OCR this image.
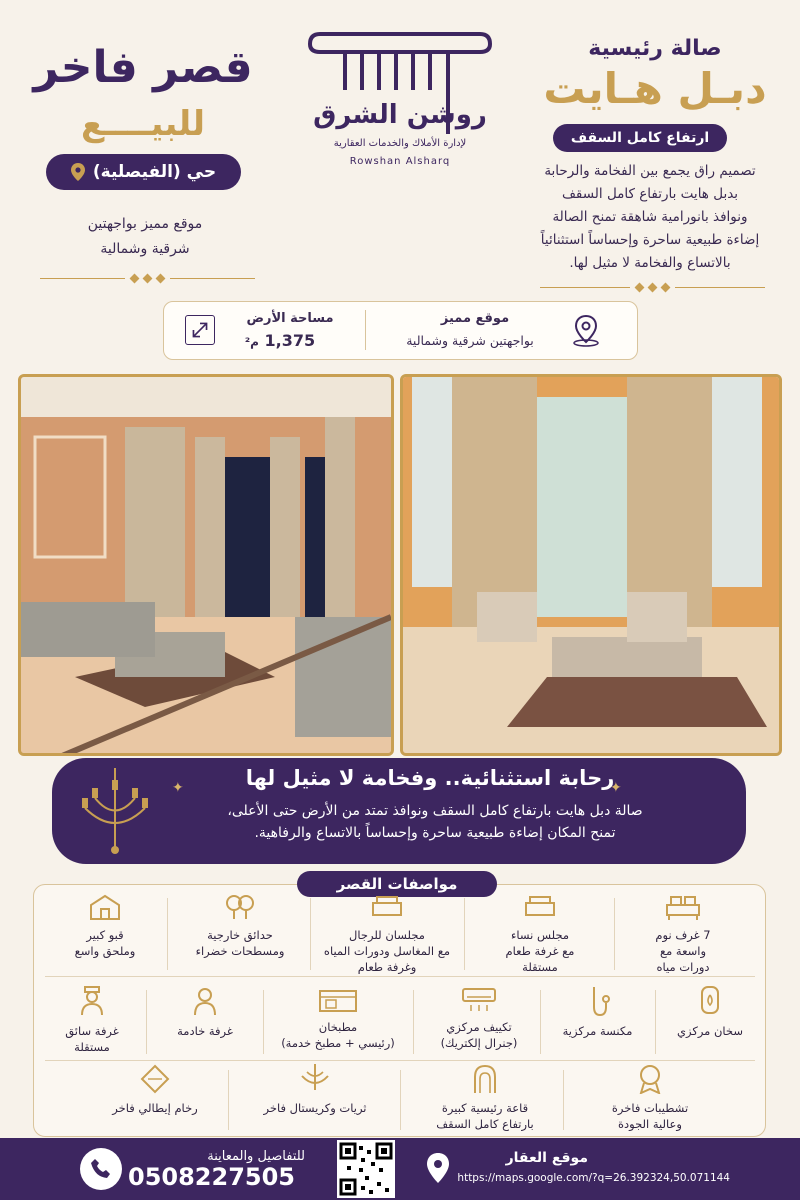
قصر فاخر
للبيــــع
حي (الفيصلية)
موقع مميز بواجهتين
شرقية وشمالية
روشن الشرق
لإدارة الأملاك والخدمات العقارية
Rowshan Alsharq
صالة رئيسية
دبـل هـايت
ارتفاع كامل السقف
تصميم راق يجمع بين الفخامة والرحابة
بدبل هايت بارتفاع كامل السقف
ونوافذ بانورامية شاهقة تمنح الصالة
إضاءة طبيعية ساحرة وإحساساً استثنائياً
بالاتساع والفخامة لا مثيل لها.
موقع مميز
بواجهتين شرقية وشمالية
مساحة الأرض
1,375 م²
✦	✦
رحابة استثنائية.. وفخامة لا مثيل لها
صالة دبل هايت بارتفاع كامل السقف ونوافذ تمتد من الأرض حتى الأعلى،
تمنح المكان إضاءة طبيعية ساحرة وإحساساً بالاتساع والرفاهية.
مواصفات القصر
7 غرف نوم
واسعة مع
دورات مياه
مجلس نساء
مع غرفة طعام
مستقلة
مجلسان للرجال
مع المغاسل ودورات المياه
وغرفة طعام
حدائق خارجية
ومسطحات خضراء
قبو كبير
وملحق واسع
سخان مركزي
مكنسة مركزية
تكييف مركزي
(جنرال إلكتريك)
مطبخان
(رئيسي + مطبخ خدمة)
غرفة خادمة
غرفة سائق
مستقلة
تشطيبات فاخرة
وعالية الجودة
قاعة رئيسية كبيرة
بارتفاع كامل السقف
ثريات وكريستال فاخر
رخام إيطالي فاخر
موقع العقار
https://maps.google.com/?q=26.392324,50.071144
للتفاصيل والمعاينة
0508227505
